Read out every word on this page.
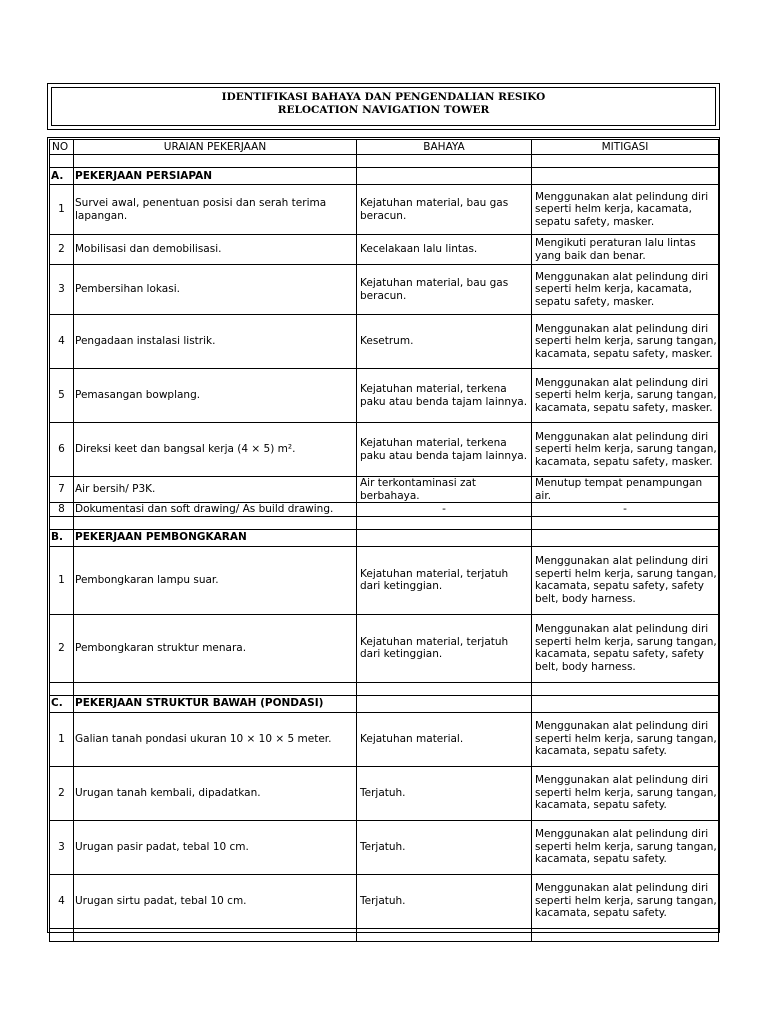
IDENTIFIKASI BAHAYA DAN PENGENDALIAN RESIKO
RELOCATION NAVIGATION TOWER
NO	URAIAN PEKERJAAN	BAHAYA	MITIGASI

A.	PEKERJAAN PERSIAPAN		
1	Survei awal, penentuan posisi dan serah terima lapangan.	Kejatuhan material, bau gas beracun.	Menggunakan alat pelindung diri seperti helm kerja, kacamata, sepatu safety, masker.
2	Mobilisasi dan demobilisasi.	Kecelakaan lalu lintas.	Mengikuti peraturan lalu lintas yang baik dan benar.
3	Pembersihan lokasi.	Kejatuhan material, bau gas beracun.	Menggunakan alat pelindung diri seperti helm kerja, kacamata, sepatu safety, masker.
4	Pengadaan instalasi listrik.	Kesetrum.	Menggunakan alat pelindung diri seperti helm kerja, sarung tangan, kacamata, sepatu safety, masker.
5	Pemasangan bowplang.	Kejatuhan material, terkena paku atau benda tajam lainnya.	Menggunakan alat pelindung diri seperti helm kerja, sarung tangan, kacamata, sepatu safety, masker.
6	Direksi keet dan bangsal kerja (4 × 5) m².	Kejatuhan material, terkena paku atau benda tajam lainnya.	Menggunakan alat pelindung diri seperti helm kerja, sarung tangan, kacamata, sepatu safety, masker.
7	Air bersih/ P3K.	Air terkontaminasi zat berbahaya.	Menutup tempat penampungan air.
8	Dokumentasi dan soft drawing/ As build drawing.	-	-

B.	PEKERJAAN PEMBONGKARAN		
1	Pembongkaran lampu suar.	Kejatuhan material, terjatuh dari ketinggian.	Menggunakan alat pelindung diri seperti helm kerja, sarung tangan, kacamata, sepatu safety, safety belt, body harness.
2	Pembongkaran struktur menara.	Kejatuhan material, terjatuh dari ketinggian.	Menggunakan alat pelindung diri seperti helm kerja, sarung tangan, kacamata, sepatu safety, safety belt, body harness.

C.	PEKERJAAN STRUKTUR BAWAH (PONDASI)		
1	Galian tanah pondasi ukuran 10 × 10 × 5 meter.	Kejatuhan material.	Menggunakan alat pelindung diri seperti helm kerja, sarung tangan, kacamata, sepatu safety.
2	Urugan tanah kembali, dipadatkan.	Terjatuh.	Menggunakan alat pelindung diri seperti helm kerja, sarung tangan, kacamata, sepatu safety.
3	Urugan pasir padat, tebal 10 cm.	Terjatuh.	Menggunakan alat pelindung diri seperti helm kerja, sarung tangan, kacamata, sepatu safety.
4	Urugan sirtu padat, tebal 10 cm.	Terjatuh.	Menggunakan alat pelindung diri seperti helm kerja, sarung tangan, kacamata, sepatu safety.
